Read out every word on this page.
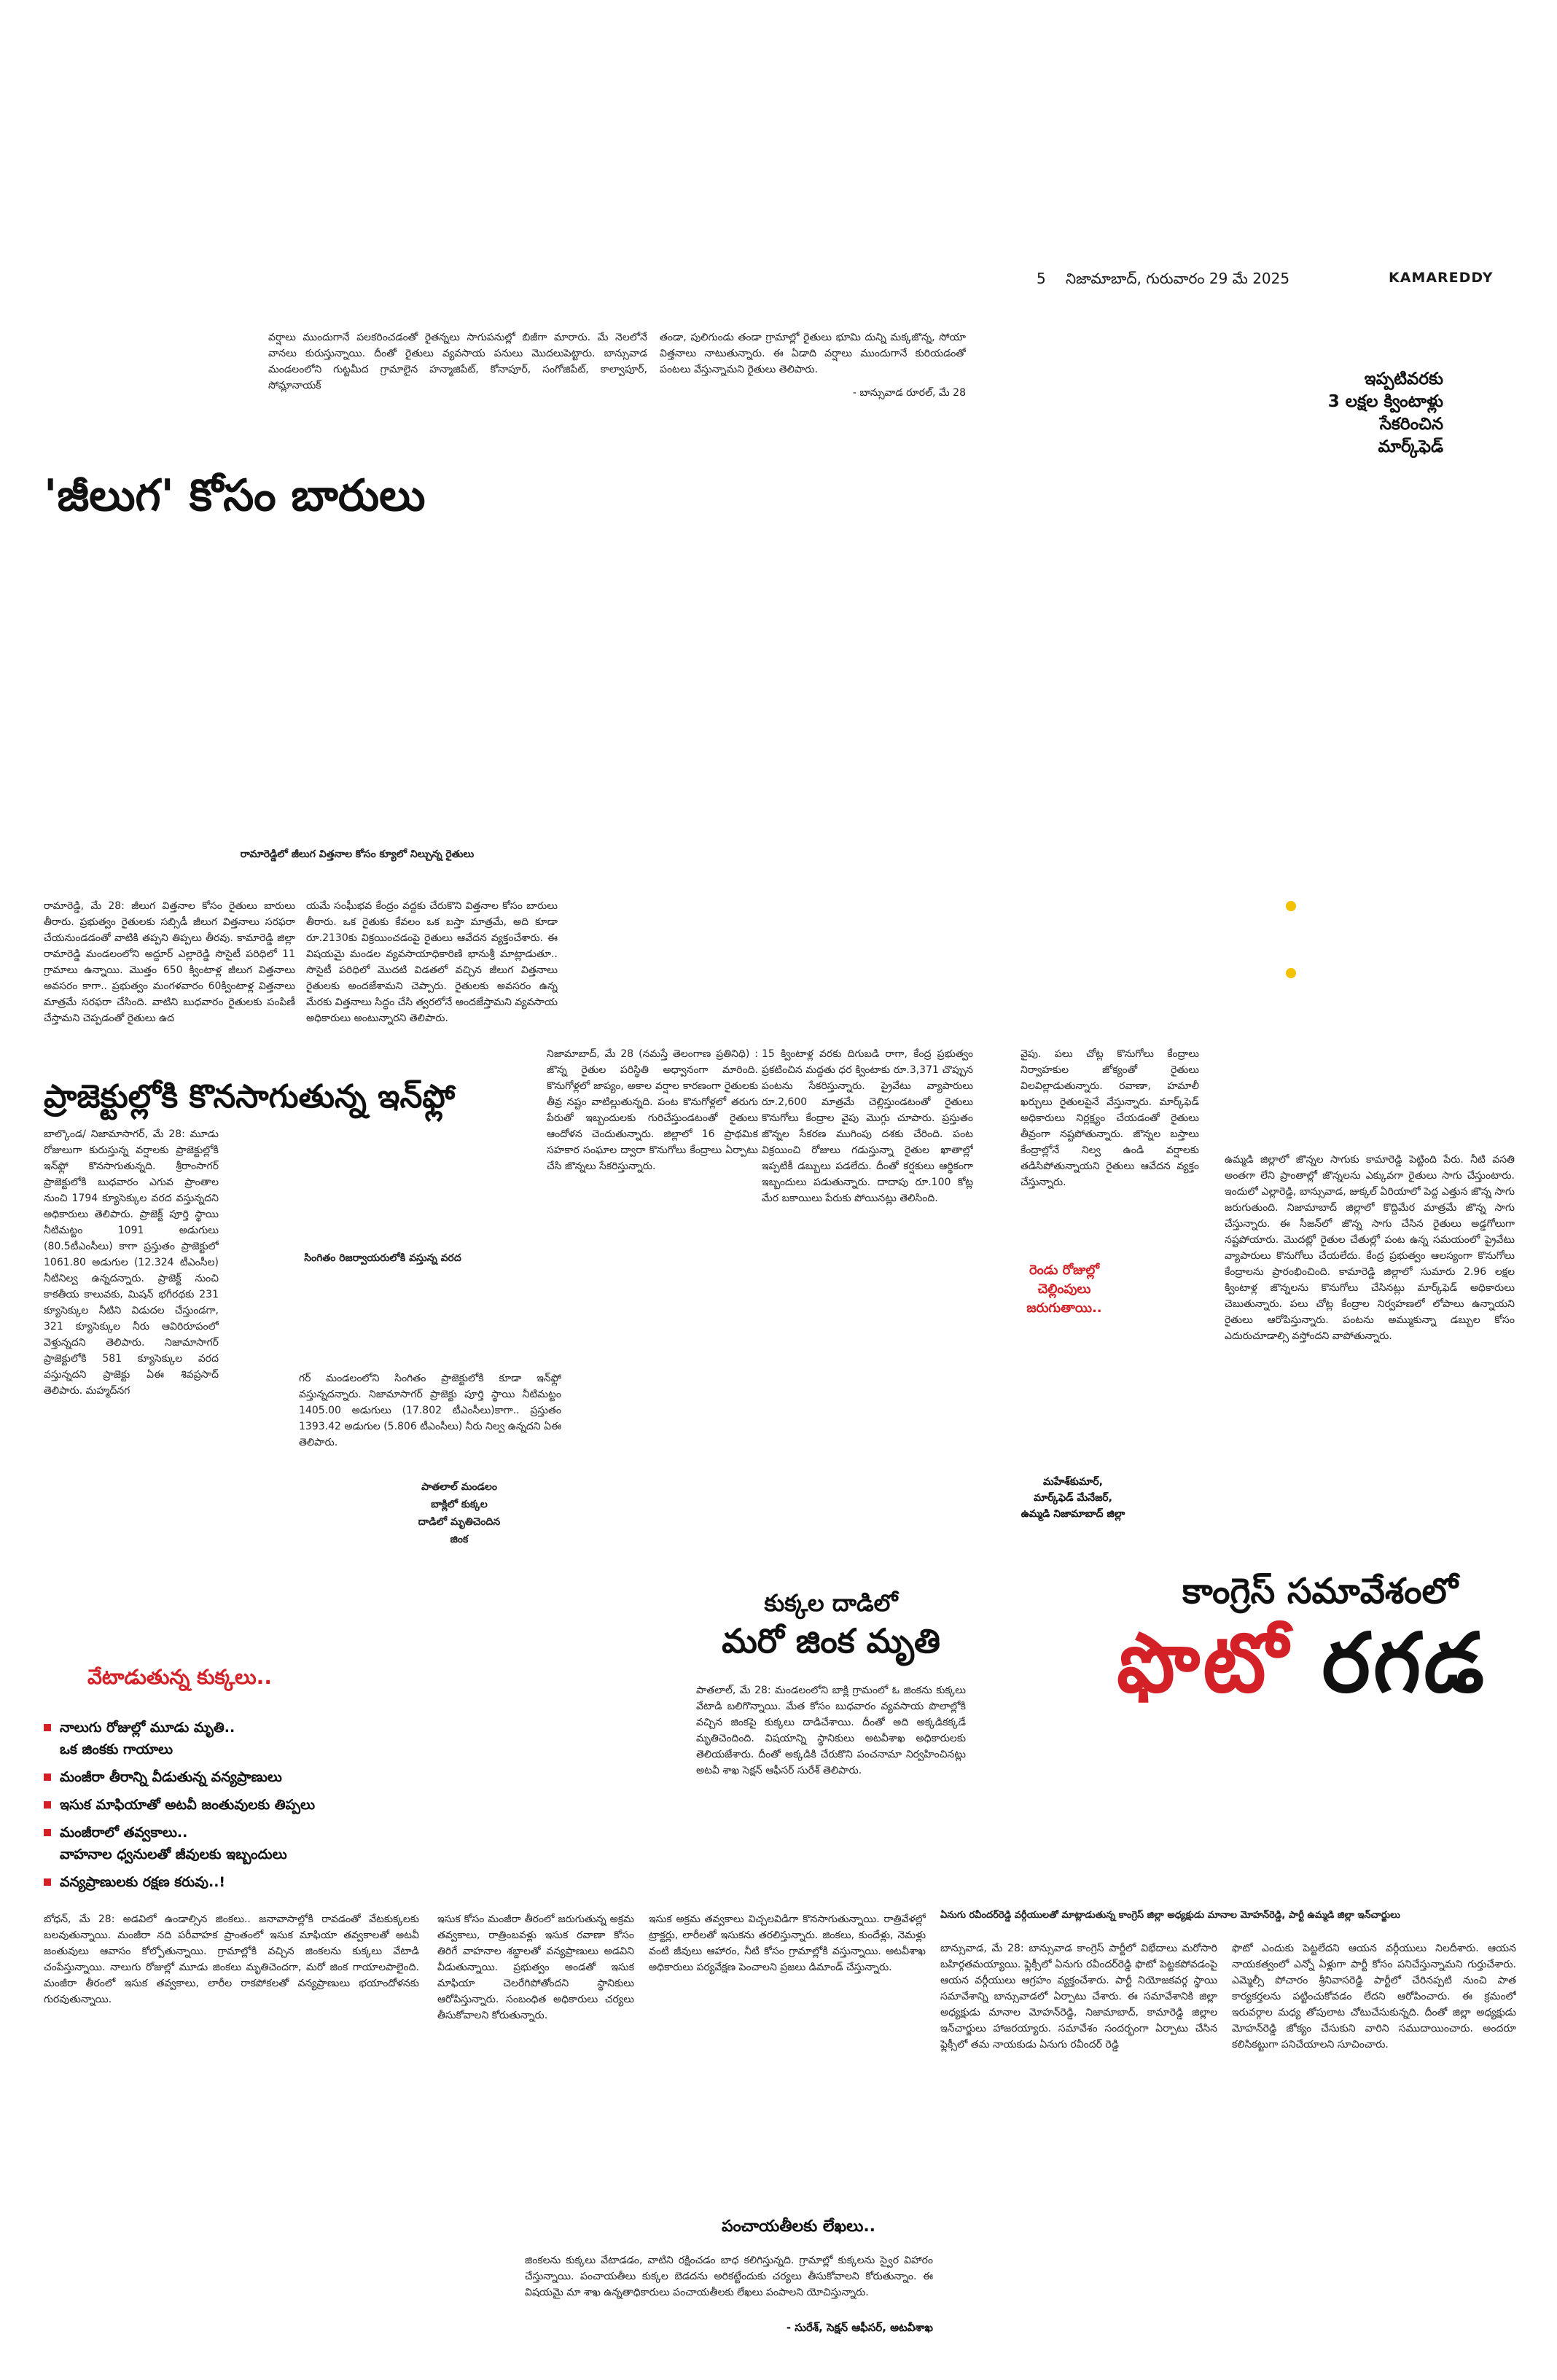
5 నిజామాబాద్, గురువారం 29 మే 2025	KAMAREDDY
వర్షాలు ముందుగానే పలకరించడంతో రైతన్నలు సాగుపనుల్లో బిజీగా మారారు. మే నెలలోనే వానలు కురుస్తున్నాయి. దీంతో రైతులు వ్యవసాయ పనులు మొదలుపెట్టారు. బాన్సువాడ మండలంలోని గుట్టమీద గ్రామాలైన హన్మాజిపేట్, కోనాపూర్, సంగోజిపేట్, కాల్వాపూర్, సోమ్లానాయక్
తండా, పులిగుండు తండా గ్రామాల్లో రైతులు భూమి దున్ని మక్కజొన్న, సోయా విత్తనాలు నాటుతున్నారు. ఈ ఏడాది వర్షాలు ముందుగానే కురియడంతో పంటలు వేస్తున్నామని రైతులు తెలిపారు.
- బాన్సువాడ రూరల్, మే 28
ఇప్పటివరకు
3 లక్షల క్వింటాళ్లు
సేకరించిన
మార్క్‌ఫెడ్
'జీలుగ' కోసం బారులు
రామారెడ్డిలో జీలుగ విత్తనాల కోసం క్యూలో నిల్చున్న రైతులు
రామారెడ్డి, మే 28: జీలుగ విత్తనాల కోసం రైతులు బారులు తీరారు. ప్రభుత్వం రైతులకు సబ్సిడీ జీలుగ విత్తనాలు సరఫరా చేయనుండడంతో వాటికి తప్పని తిప్పలు తీరవు. కామారెడ్డి జిల్లా రామారెడ్డి మండలంలోని అద్దూర్ ఎల్లారెడ్డి సొసైటీ పరిధిలో 11 గ్రామాలు ఉన్నాయి. మొత్తం 650 క్వింటాళ్ల జీలుగ విత్తనాలు అవసరం కాగా.. ప్రభుత్వం మంగళవారం 60క్వింటాళ్ల విత్తనాలు మాత్రమే సరఫరా చేసింది. వాటిని బుధవారం రైతులకు పంపిణీ చేస్తామని చెప్పడంతో రైతులు ఉద
యమే సంఘీభవ కేంద్రం వద్దకు చేరుకొని విత్తనాల కోసం బారులు తీరారు. ఒక రైతుకు కేవలం ఒక బస్తా మాత్రమే, అది కూడా రూ.2130కు విక్రయించడంపై రైతులు ఆవేదన వ్యక్తంచేశారు. ఈ విషయమై మండల వ్యవసాయాధికారిణి భానుశ్రీ మాట్లాడుతూ.. సొసైటీ పరిధిలో మొదటి విడతలో వచ్చిన జీలుగ విత్తనాలు రైతులకు అందజేశామని చెప్పారు. రైతులకు అవసరం ఉన్న మేరకు విత్తనాలు సిద్ధం చేసి త్వరలోనే అందజేస్తామని వ్యవసాయ అధికారులు అంటున్నారని తెలిపారు.
ప్రాజెక్టుల్లోకి కొనసాగుతున్న ఇన్‌ఫ్లో
బాల్కొండ/ నిజామాసాగర్, మే 28: మూడు రోజులుగా కురుస్తున్న వర్షాలకు ప్రాజెక్టుల్లోకి ఇన్‌ఫ్లో కొనసాగుతున్నది. శ్రీరాంసాగర్ ప్రాజెక్టులోకి బుధవారం ఎగువ ప్రాంతాల నుంచి 1794 క్యూసెక్కుల వరద వస్తున్నదని అధికారులు తెలిపారు. ప్రాజెక్ట్ పూర్తి స్థాయి నీటిమట్టం 1091 అడుగులు (80.5టీఎంసీలు) కాగా ప్రస్తుతం ప్రాజెక్టులో 1061.80 అడుగుల (12.324 టీఎంసీల) నీటినిల్వ ఉన్నదన్నారు. ప్రాజెక్ట్ నుంచి కాకతీయ కాలువకు, మిషన్ భగీరథకు 231 క్యూసెక్కుల నీటిని విడుదల చేస్తుండగా, 321 క్యూసెక్కుల నీరు ఆవిరిరూపంలో వెళ్తున్నదని తెలిపారు. నిజామాసాగర్ ప్రాజెక్టులోకి 581 క్యూసెక్కుల వరద వస్తున్నదని ప్రాజెక్టు ఏఈ శివప్రసాద్ తెలిపారు. మహ్మద్‌నగ
సింగితం రిజర్వాయరులోకి వస్తున్న వరద
గర్ మండలంలోని సింగితం ప్రాజెక్టులోకి కూడా ఇన్‌ఫ్లో వస్తున్నదన్నారు. నిజామాసాగర్ ప్రాజెక్టు పూర్తి స్థాయి నీటిమట్టం 1405.00 అడుగులు (17.802 టీఎంసీలు)కాగా.. ప్రస్తుతం 1393.42 అడుగుల (5.806 టీఎంసీలు) నీరు నిల్వ ఉన్నదని ఏఈ తెలిపారు.
పాతలాల్ మండలం
బాక్లిలో కుక్కల
దాడిలో మృతిచెందిన
జింక
నిజామాబాద్, మే 28 (నమస్తే తెలంగాణ ప్రతినిధి) : జొన్న రైతుల పరిస్థితి అధ్వానంగా మారింది. కొనుగోళ్లలో జాప్యం, అకాల వర్షాల కారణంగా రైతులకు తీవ్ర నష్టం వాటిల్లుతున్నది. పంట కొనుగోళ్లలో తరుగు పేరుతో ఇబ్బందులకు గురిచేస్తుండటంతో రైతులు ఆందోళన చెందుతున్నారు. జిల్లాలో 16 ప్రాథమిక సహకార సంఘాల ద్వారా కొనుగోలు కేంద్రాలు ఏర్పాటు చేసి జొన్నలు సేకరిస్తున్నారు.
15 క్వింటాళ్ల వరకు దిగుబడి రాగా, కేంద్ర ప్రభుత్వం ప్రకటించిన మద్దతు ధర క్వింటాకు రూ.3,371 చొప్పున పంటను సేకరిస్తున్నారు. ప్రైవేటు వ్యాపారులు రూ.2,600 మాత్రమే చెల్లిస్తుండటంతో రైతులు కొనుగోలు కేంద్రాల వైపు మొగ్గు చూపారు. ప్రస్తుతం జొన్నల సేకరణ ముగింపు దశకు చేరింది. పంట విక్రయించి రోజులు గడుస్తున్నా రైతుల ఖాతాల్లో ఇప్పటికీ డబ్బులు పడలేదు. దీంతో కర్షకులు ఆర్థికంగా ఇబ్బందులు పడుతున్నారు. దాదాపు రూ.100 కోట్ల మేర బకాయిలు పేరుకు పోయినట్లు తెలిసింది.
వైపు. పలు చోట్ల కొనుగోలు కేంద్రాలు నిర్వాహకుల జోక్యంతో రైతులు విలవిల్లాడుతున్నారు. రవాణా, హమాలీ ఖర్చులు రైతులపైనే వేస్తున్నారు. మార్క్‌ఫెడ్ అధికారులు నిర్లక్ష్యం చేయడంతో రైతులు తీవ్రంగా నష్టపోతున్నారు. జొన్నల బస్తాలు కేంద్రాల్లోనే నిల్వ ఉండి వర్షాలకు తడిసిపోతున్నాయని రైతులు ఆవేదన వ్యక్తం చేస్తున్నారు.
రెండు రోజుల్లో చెల్లింపులు జరుగుతాయి..
మహేశ్‌కుమార్,
మార్క్‌ఫెడ్ మేనేజర్,
ఉమ్మడి నిజామాబాద్ జిల్లా
ఉమ్మడి జిల్లాలో జొన్నల సాగుకు కామారెడ్డి పెట్టింది పేరు. నీటి వసతి అంతగా లేని ప్రాంతాల్లో జొన్నలను ఎక్కువగా రైతులు సాగు చేస్తుంటారు. ఇందులో ఎల్లారెడ్డి, బాన్సువాడ, జుక్కల్ ఏరియాలో పెద్ద ఎత్తున జొన్న సాగు జరుగుతుంది. నిజామాబాద్ జిల్లాలో కొద్దిమేర మాత్రమే జొన్న సాగు చేస్తున్నారు. ఈ సీజన్‌లో జొన్న సాగు చేసిన రైతులు అడ్డగోలుగా నష్టపోయారు. మొదట్లో రైతుల చేతుల్లో పంట ఉన్న సమయంలో ప్రైవేటు వ్యాపారులు కొనుగోలు చేయలేదు. కేంద్ర ప్రభుత్వం ఆలస్యంగా కొనుగోలు కేంద్రాలను ప్రారంభించింది. కామారెడ్డి జిల్లాలో సుమారు 2.96 లక్షల క్వింటాళ్ల జొన్నలను కొనుగోలు చేసినట్లు మార్క్‌ఫెడ్ అధికారులు చెబుతున్నారు. పలు చోట్ల కేంద్రాల నిర్వహణలో లోపాలు ఉన్నాయని రైతులు ఆరోపిస్తున్నారు. పంటను అమ్ముకున్నా డబ్బుల కోసం ఎదురుచూడాల్సి వస్తోందని వాపోతున్నారు.
కుక్కల దాడిలో
మరో జింక మృతి
పాతలాల్, మే 28: మండలంలోని బాక్లి గ్రామంలో ఓ జింకను కుక్కలు వేటాడి బలిగొన్నాయి. మేత కోసం బుధవారం వ్యవసాయ పొలాల్లోకి వచ్చిన జింకపై కుక్కలు దాడిచేశాయి. దీంతో అది అక్కడికక్కడే మృతిచెందింది. విషయాన్ని స్థానికులు అటవీశాఖ అధికారులకు తెలియజేశారు. దీంతో అక్కడికి చేరుకొని పంచనామా నిర్వహించినట్లు అటవీ శాఖ సెక్షన్ ఆఫీసర్ సురేశ్ తెలిపారు.
కాంగ్రెస్ సమావేశంలో
ఫొటో రగడ
వేటాడుతున్న కుక్కలు..
నాలుగు రోజుల్లో మూడు మృతి..
ఒక జింకకు గాయాలు
మంజీరా తీరాన్ని వీడుతున్న వన్యప్రాణులు
ఇసుక మాఫియాతో అటవీ జంతువులకు తిప్పలు
మంజీరాలో తవ్వకాలు..
వాహనాల ధ్వనులతో జీవులకు ఇబ్బందులు
వన్యప్రాణులకు రక్షణ కరువు..!
బోధన్, మే 28: అడవిలో ఉండాల్సిన జింకలు.. జనావాసాల్లోకి రావడంతో వేటకుక్కలకు బలవుతున్నాయి. మంజీరా నది పరీవాహక ప్రాంతంలో ఇసుక మాఫియా తవ్వకాలతో అటవీ జంతువులు ఆవాసం కోల్పోతున్నాయి. గ్రామాల్లోకి వచ్చిన జింకలను కుక్కలు వేటాడి చంపేస్తున్నాయి. నాలుగు రోజుల్లో మూడు జింకలు మృతిచెందగా, మరో జింక గాయాలపాలైంది. మంజీరా తీరంలో ఇసుక తవ్వకాలు, లారీల రాకపోకలతో వన్యప్రాణులు భయాందోళనకు గురవుతున్నాయి.
ఇసుక కోసం మంజీరా తీరంలో జరుగుతున్న అక్రమ తవ్వకాలు, రాత్రింబవళ్లు ఇసుక రవాణా కోసం తిరిగే వాహనాల శబ్దాలతో వన్యప్రాణులు అడవిని వీడుతున్నాయి. ప్రభుత్వం అండతో ఇసుక మాఫియా చెలరేగిపోతోందని స్థానికులు ఆరోపిస్తున్నారు. సంబంధిత అధికారులు చర్యలు తీసుకోవాలని కోరుతున్నారు.
ఇసుక అక్రమ తవ్వకాలు విచ్చలవిడిగా కొనసాగుతున్నాయి. రాత్రివేళల్లో ట్రాక్టర్లు, లారీలతో ఇసుకను తరలిస్తున్నారు. జింకలు, కుందేళ్లు, నెమళ్లు వంటి జీవులు ఆహారం, నీటి కోసం గ్రామాల్లోకి వస్తున్నాయి. అటవీశాఖ అధికారులు పర్యవేక్షణ పెంచాలని ప్రజలు డిమాండ్ చేస్తున్నారు.
పంచాయతీలకు లేఖలు..
జింకలను కుక్కలు వేటాడడం, వాటిని రక్షించడం బాధ కలిగిస్తున్నది. గ్రామాల్లో కుక్కలను స్వైర విహారం చేస్తున్నాయి. పంచాయతీలు కుక్కల బెడదను అరికట్టేందుకు చర్యలు తీసుకోవాలని కోరుతున్నాం. ఈ విషయమై మా శాఖ ఉన్నతాధికారులు పంచాయతీలకు లేఖలు పంపాలని యోచిస్తున్నారు.
- సురేశ్, సెక్షన్ ఆఫీసర్, అటవీశాఖ
ఏనుగు రవీందర్‌రెడ్డి వర్గీయులతో మాట్లాడుతున్న కాంగ్రెస్ జిల్లా అధ్యక్షుడు మానాల మోహన్‌రెడ్డి, పార్టీ ఉమ్మడి జిల్లా ఇన్‌చార్జులు
బాన్సువాడ, మే 28: బాన్సువాడ కాంగ్రెస్ పార్టీలో విభేదాలు మరోసారి బహిర్గతమయ్యాయి. ఫ్లెక్సీలో ఏనుగు రవీందర్‌రెడ్డి ఫొటో పెట్టకపోవడంపై ఆయన వర్గీయులు ఆగ్రహం వ్యక్తంచేశారు. పార్టీ నియోజకవర్గ స్థాయి సమావేశాన్ని బాన్సువాడలో ఏర్పాటు చేశారు. ఈ సమావేశానికి జిల్లా అధ్యక్షుడు మానాల మోహన్‌రెడ్డి, నిజామాబాద్, కామారెడ్డి జిల్లాల ఇన్‌చార్జులు హాజరయ్యారు. సమావేశం సందర్భంగా ఏర్పాటు చేసిన ఫ్లెక్సీలో తమ నాయకుడు ఏనుగు రవీందర్ రెడ్డి
ఫొటో ఎందుకు పెట్టలేదని ఆయన వర్గీయులు నిలదీశారు. ఆయన నాయకత్వంలో ఎన్నో ఏళ్లుగా పార్టీ కోసం పనిచేస్తున్నామని గుర్తుచేశారు. ఎమ్మెల్సీ పోచారం శ్రీనివాసరెడ్డి పార్టీలో చేరినప్పటి నుంచి పాత కార్యకర్తలను పట్టించుకోవడం లేదని ఆరోపించారు. ఈ క్రమంలో ఇరువర్గాల మధ్య తోపులాట చోటుచేసుకున్నది. దీంతో జిల్లా అధ్యక్షుడు మోహన్‌రెడ్డి జోక్యం చేసుకుని వారిని సముదాయించారు. అందరూ కలిసికట్టుగా పనిచేయాలని సూచించారు.
